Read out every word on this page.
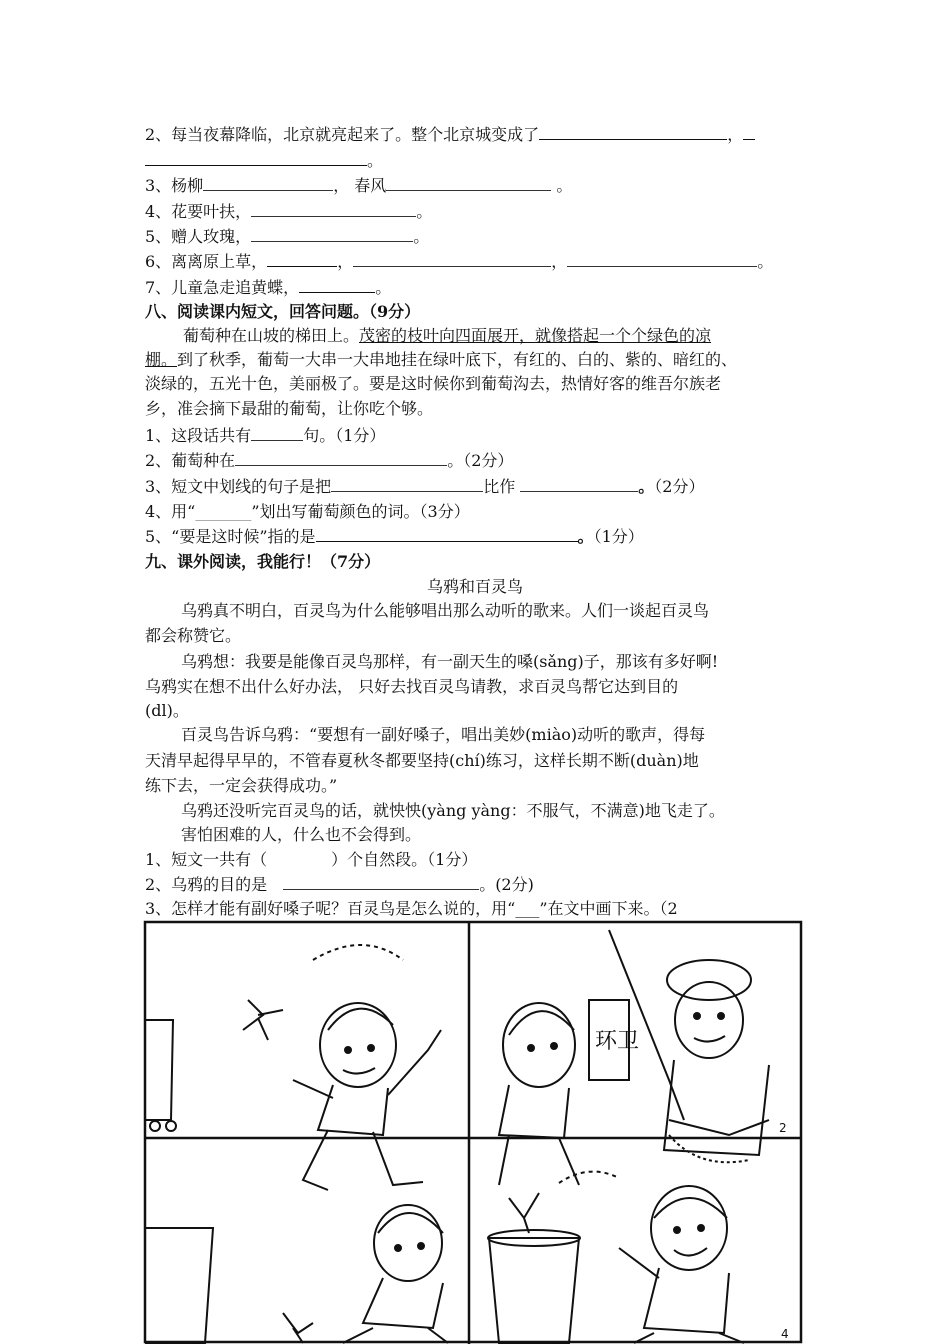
2、每当夜幕降临，北京就亮起来了。整个北京城变成了	，
。
3、杨柳	， 春风	。
4、花要叶扶，	。
5、赠人玫瑰，	。
6、离离原上草，	，	，	。
7、儿童急走追黄蝶，	。
八、阅读课内短文，回答问题。（9分）
葡萄种在山坡的梯田上。茂密的枝叶向四面展开，就像搭起一个个绿色的凉
棚。到了秋季，葡萄一大串一大串地挂在绿叶底下，有红的、白的、紫的、暗红的、
淡绿的，五光十色，美丽极了。要是这时候你到葡萄沟去，热情好客的维吾尔族老
乡，准会摘下最甜的葡萄，让你吃个够。
1、这段话共有	句。（1分）
2、葡萄种在	。（2分）
3、短文中划线的句子是把	比作	。（2分）
4、用“_______”划出写葡萄颜色的词。（3分）
5、“要是这时候”指的是	。（1分）
九、课外阅读，我能行！（7分）
乌鸦和百灵鸟
乌鸦真不明白，百灵鸟为什么能够唱出那么动听的歌来。人们一谈起百灵鸟
都会称赞它。
乌鸦想：我要是能像百灵鸟那样，有一副天生的嗓(sǎng)子，那该有多好啊!
乌鸦实在想不出什么好办法， 只好去找百灵鸟请教，求百灵鸟帮它达到目的
(dl)。
百灵鸟告诉乌鸦：“要想有一副好嗓子，唱出美妙(miào)动听的歌声，得每
天清早起得早早的，不管春夏秋冬都要坚持(chí)练习，这样长期不断(duàn)地
练下去，一定会获得成功。”
乌鸦还没听完百灵鸟的话，就怏怏(yàng yàng：不服气，不满意)地飞走了。
害怕困难的人，什么也不会得到。
1、短文一共有（　　　　）个自然段。（1分）
2、乌鸦的目的是　	。(2分)
3、怎样才能有副好嗓子呢？百灵鸟是怎么说的，用“___”在文中画下来。（2
环卫
2
4
